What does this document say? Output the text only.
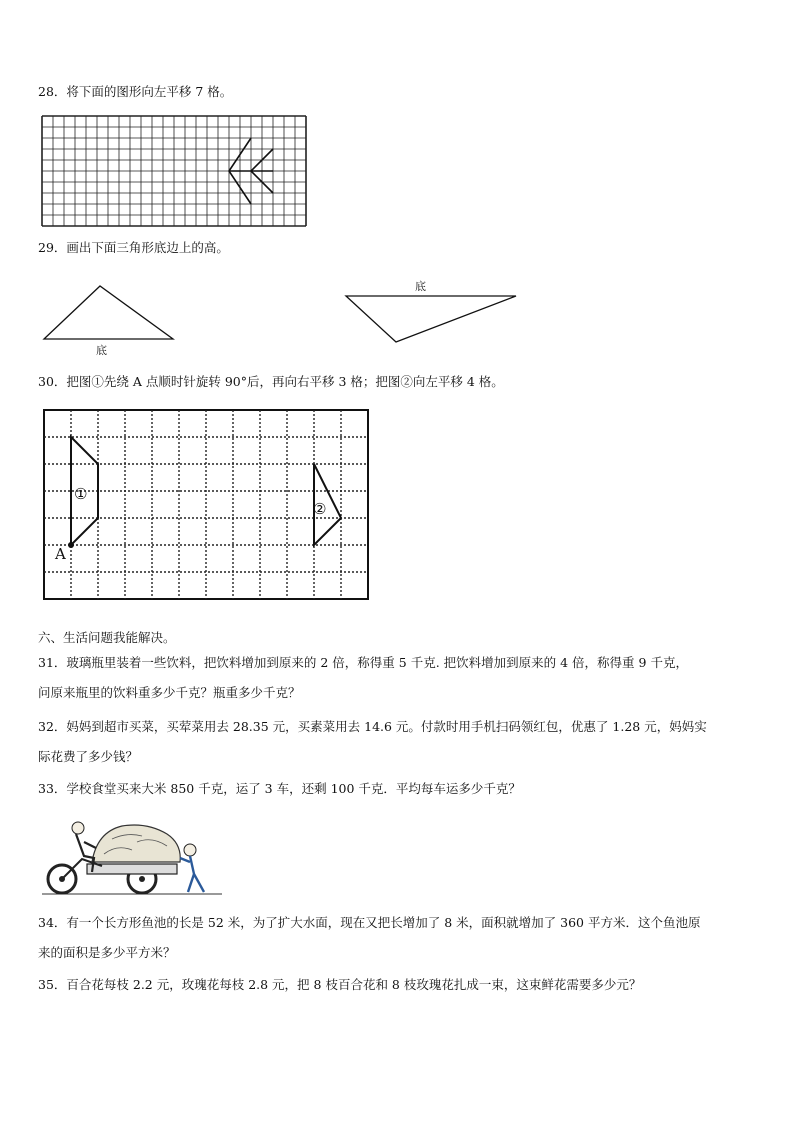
28．将下面的图形向左平移 7 格。
29．画出下面三角形底边上的高。
底
底
30．把图①先绕 A 点顺时针旋转 90°后，再向右平移 3 格；把图②向左平移 4 格。
A
①
②
六、生活问题我能解决。
31．玻璃瓶里装着一些饮料，把饮料增加到原来的 2 倍，称得重 5 千克. 把饮料增加到原来的 4 倍，称得重 9 千克，
问原来瓶里的饮料重多少千克？瓶重多少千克？
32．妈妈到超市买菜，买荤菜用去 28.35 元，买素菜用去 14.6 元。付款时用手机扫码领红包，优惠了 1.28 元，妈妈实
际花费了多少钱？
33．学校食堂买来大米 850 千克，运了 3 车，还剩 100 千克．平均每车运多少千克？
34．有一个长方形鱼池的长是 52 米，为了扩大水面，现在又把长增加了 8 米，面积就增加了 360 平方米．这个鱼池原
来的面积是多少平方米？
35．百合花每枝 2.2 元，玫瑰花每枝 2.8 元，把 8 枝百合花和 8 枝玫瑰花扎成一束，这束鲜花需要多少元？
